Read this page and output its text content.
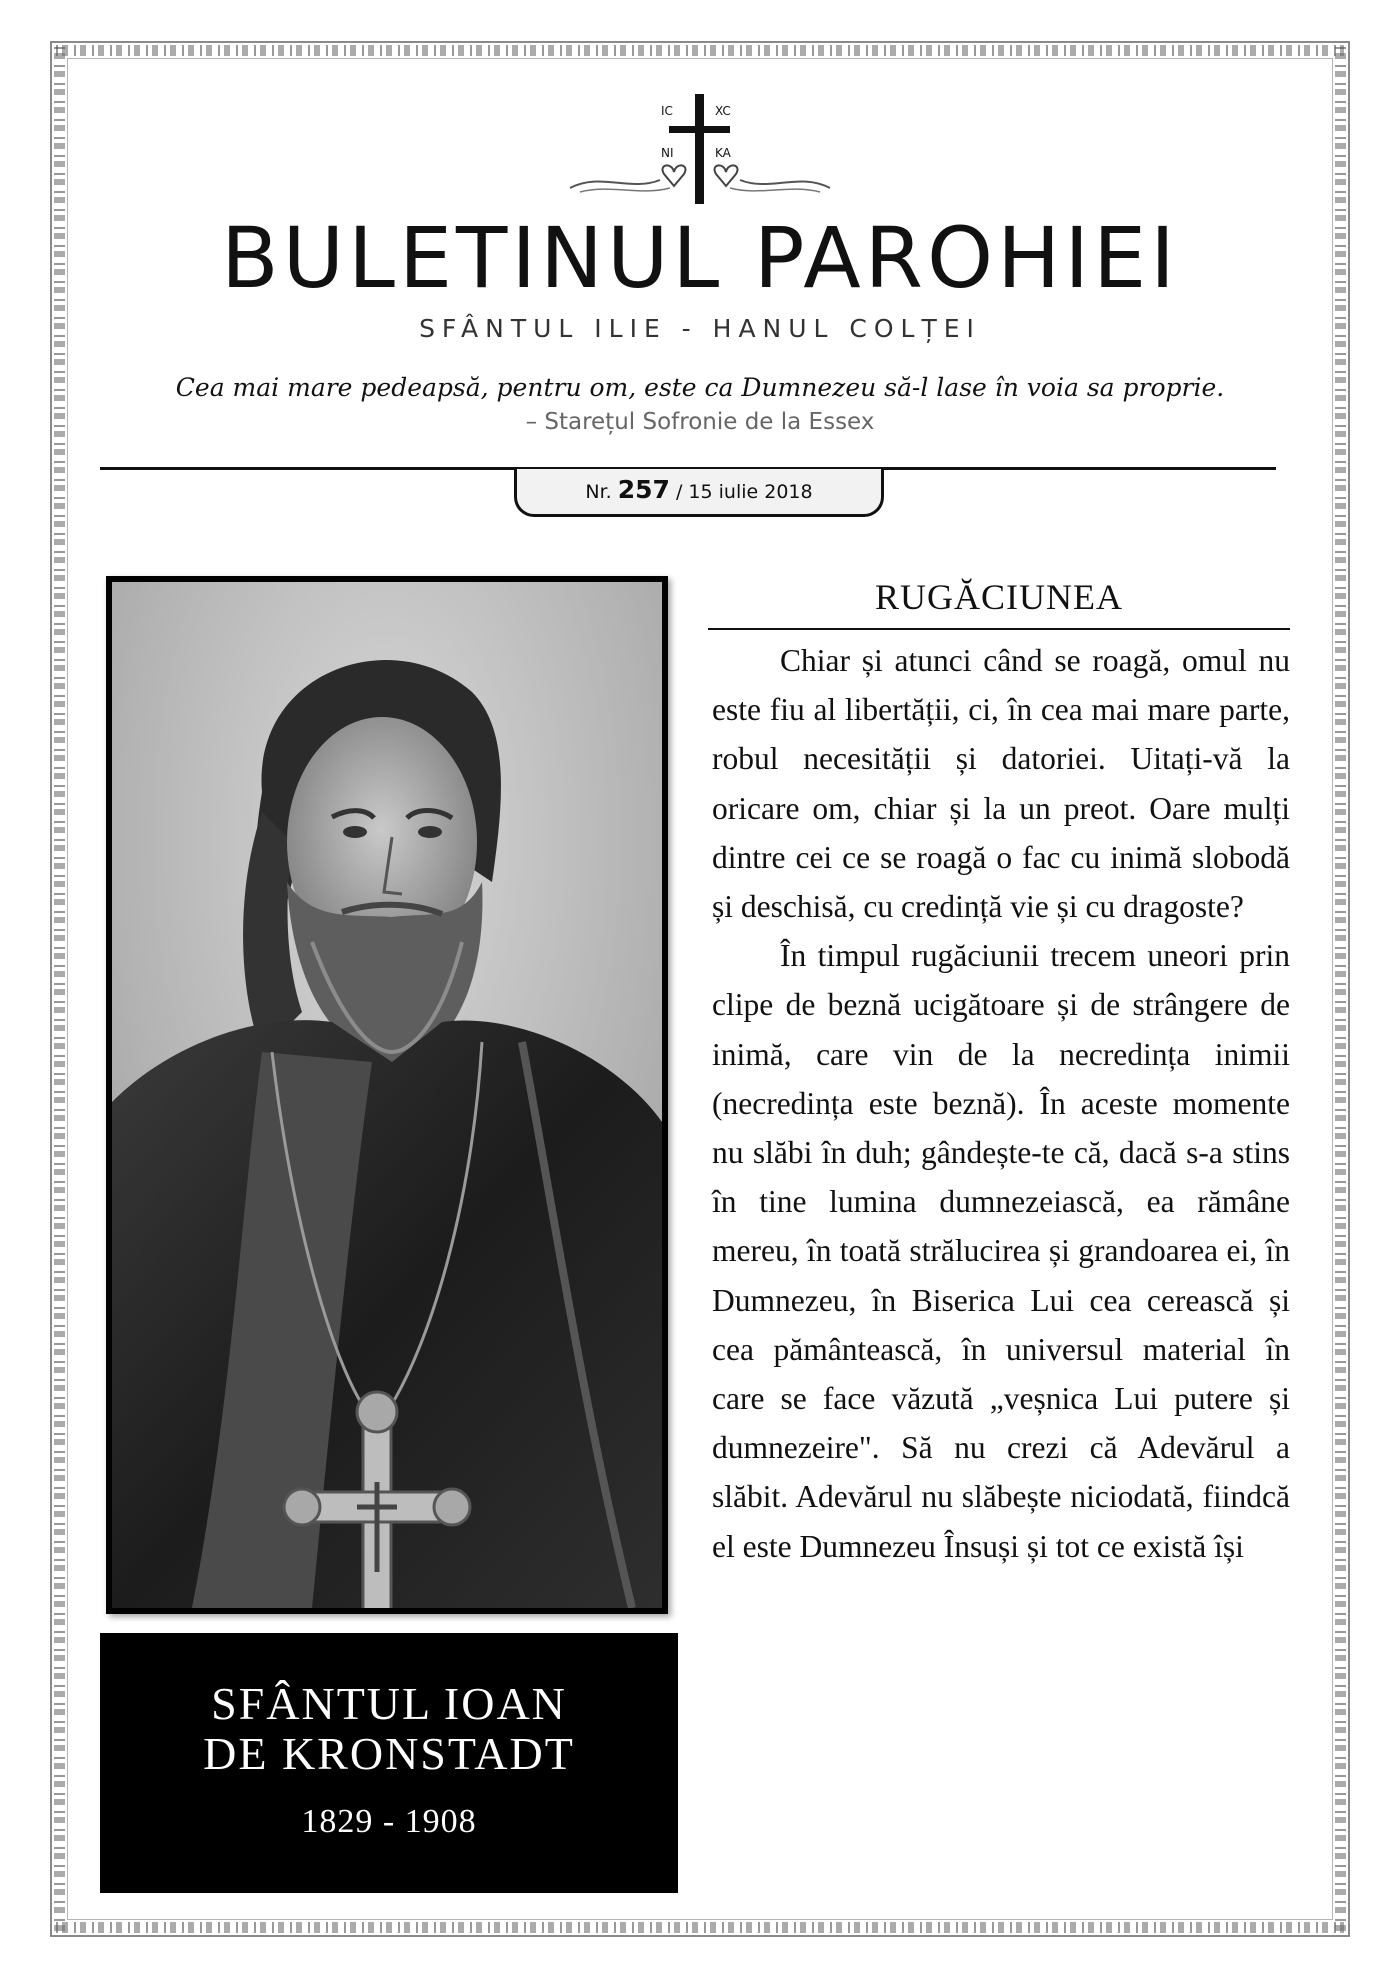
IC	XC
NI	KA
BULETINUL PAROHIEI
SFÂNTUL ILIE - HANUL COLȚEI
Cea mai mare pedeapsă, pentru om, este ca Dumnezeu să-l lase în voia sa proprie.
– Starețul Sofronie de la Essex
Nr. 257 / 15 iulie 2018
SFÂNTUL IOAN
DE KRONSTADT
1829 - 1908
RUGĂCIUNEA

Chiar și atunci când se roagă, omul nu este fiu al libertății, ci, în cea mai mare parte, robul necesității și datoriei. Uitați-vă la oricare om, chiar și la un preot. Oare mulți dintre cei ce se roagă o fac cu inimă slobodă și deschisă, cu credință vie și cu dragoste?

În timpul rugăciunii trecem uneori prin clipe de beznă ucigătoare și de strângere de inimă, care vin de la necredința inimii (necredința este beznă). În aceste momente nu slăbi în duh; gândește-te că, dacă s-a stins în tine lumina dumnezeiască, ea rămâne mereu, în toată strălucirea și grandoarea ei, în Dumnezeu, în Biserica Lui cea cerească și cea pământească, în universul material în care se face văzută „veșnica Lui putere și dumnezeire". Să nu crezi că Adevărul a slăbit. Adevărul nu slăbește niciodată, fiindcă el este Dumnezeu Însuși și tot ce există își
